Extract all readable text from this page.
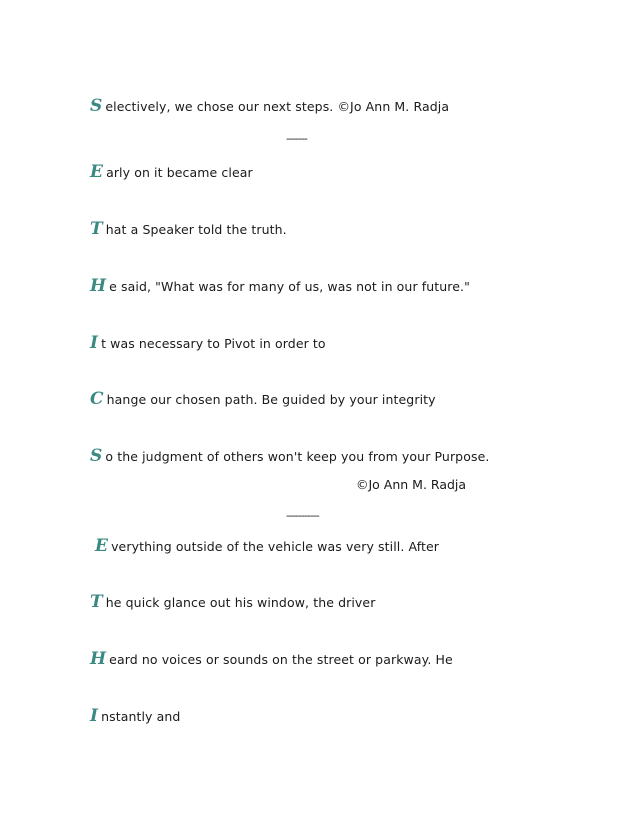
S electively, we chose our next steps. ©Jo Ann M. Radja
-------
E arly on it became clear
T hat a Speaker told the truth.
H e said, "What was for many of us, was not in our future."
I t was necessary to Pivot in order to
C hange our chosen path. Be guided by your integrity
S o the judgment of others won't keep you from your Purpose.
©Jo Ann M. Radja
-----------
E verything outside of the vehicle was very still. After
T he quick glance out his window, the driver
H eard no voices or sounds on the street or parkway. He
I nstantly and
